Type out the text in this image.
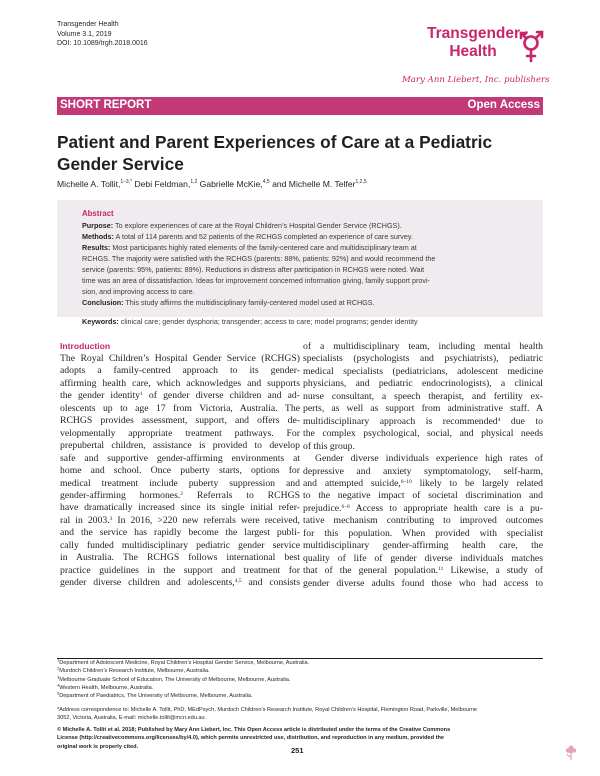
Transgender Health
Volume 3.1, 2019
DOI: 10.1089/trgh.2018.0016
Transgender
Health
Mary Ann Liebert, Inc. publishers
SHORT REPORT	Open Access
Patient and Parent Experiences of Care at a Pediatric
Gender Service
Michelle A. Tollit,$^{1-3,*}$ Debi Feldman,$^{1,2}$ Gabrielle McKie,$^{4,5}$ and Michelle M. Telfer$^{1,2,5}$
Abstract
Purpose: To explore experiences of care at the Royal Children’s Hospital Gender Service (RCHGS).
Methods: A total of 114 parents and 52 patients of the RCHGS completed an experience of care survey.
Results: Most participants highly rated elements of the family-centered care and multidisciplinary team at
RCHGS. The majority were satisfied with the RCHGS (parents: 88%, patients: 92%) and would recommend the
service (parents: 95%, patients: 89%). Reductions in distress after participation in RCHGS were noted. Wait
time was an area of dissatisfaction. Ideas for improvement concerned information giving, family support provi-
sion, and improving access to care.
Conclusion: This study affirms the multidisciplinary family-centered model used at RCHGS.
Keywords: clinical care; gender dysphoria; transgender; access to care; model programs; gender identity
Introduction
The Royal Children’s Hospital Gender Service (RCHGS)
adopts a family-centred approach to its gender-
affirming health care, which acknowledges and supports
the gender identity$^1$ of gender diverse children and ad-
olescents up to age 17 from Victoria, Australia. The
RCHGS provides assessment, support, and offers de-
velopmentally appropriate treatment pathways. For
prepubertal children, assistance is provided to develop
safe and supportive gender-affirming environments at
home and school. Once puberty starts, options for
medical treatment include puberty suppression and
gender-affirming hormones.$^2$ Referrals to RCHGS
have dramatically increased since its single initial refer-
ral in 2003.$^3$ In 2016, >220 new referrals were received,
and the service has rapidly become the largest publi-
cally funded multidisciplinary pediatric gender service
in Australia. The RCHGS follows international best
practice guidelines in the support and treatment for
gender diverse children and adolescents,$^{4,5}$ and consists
of a multidisciplinary team, including mental health
specialists (psychologists and psychiatrists), pediatric
medical specialists (pediatricians, adolescent medicine
physicians, and pediatric endocrinologists), a clinical
nurse consultant, a speech therapist, and fertility ex-
perts, as well as support from administrative staff. A
multidisciplinary approach is recommended$^4$ due to
the complex psychological, social, and physical needs
of this group.
Gender diverse individuals experience high rates of
depressive and anxiety symptomatology, self-harm,
and attempted suicide,$^{6-10}$ likely to be largely related
to the negative impact of societal discrimination and
prejudice.$^{6-8}$ Access to appropriate health care is a pu-
tative mechanism contributing to improved outcomes
for this population. When provided with specialist
multidisciplinary gender-affirming health care, the
quality of life of gender diverse individuals matches
that of the general population.$^{11}$ Likewise, a study of
gender diverse adults found those who had access to
$^1$Department of Adolescent Medicine, Royal Children’s Hospital Gender Service, Melbourne, Australia.
$^2$Murdoch Children’s Research Institute, Melbourne, Australia.
$^3$Melbourne Graduate School of Education, The University of Melbourne, Melbourne, Australia.
$^4$Western Health, Melbourne, Australia.
$^5$Department of Paediatrics, The University of Melbourne, Melbourne, Australia.
*Address correspondence to: Michelle A. Tollit, PhD, MEdPsych, Murdoch Children’s Research Institute, Royal Children’s Hospital, Flemington Road, Parkville, Melbourne
3052, Victoria, Australia, E-mail: michelle.tollit@mcri.edu.au
© Michelle A. Tollit et al. 2018; Published by Mary Ann Liebert, Inc. This Open Access article is distributed under the terms of the Creative Commons
License (http://creativecommons.org/licenses/by/4.0), which permits unrestricted use, distribution, and reproduction in any medium, provided the
original work is properly cited.	251
